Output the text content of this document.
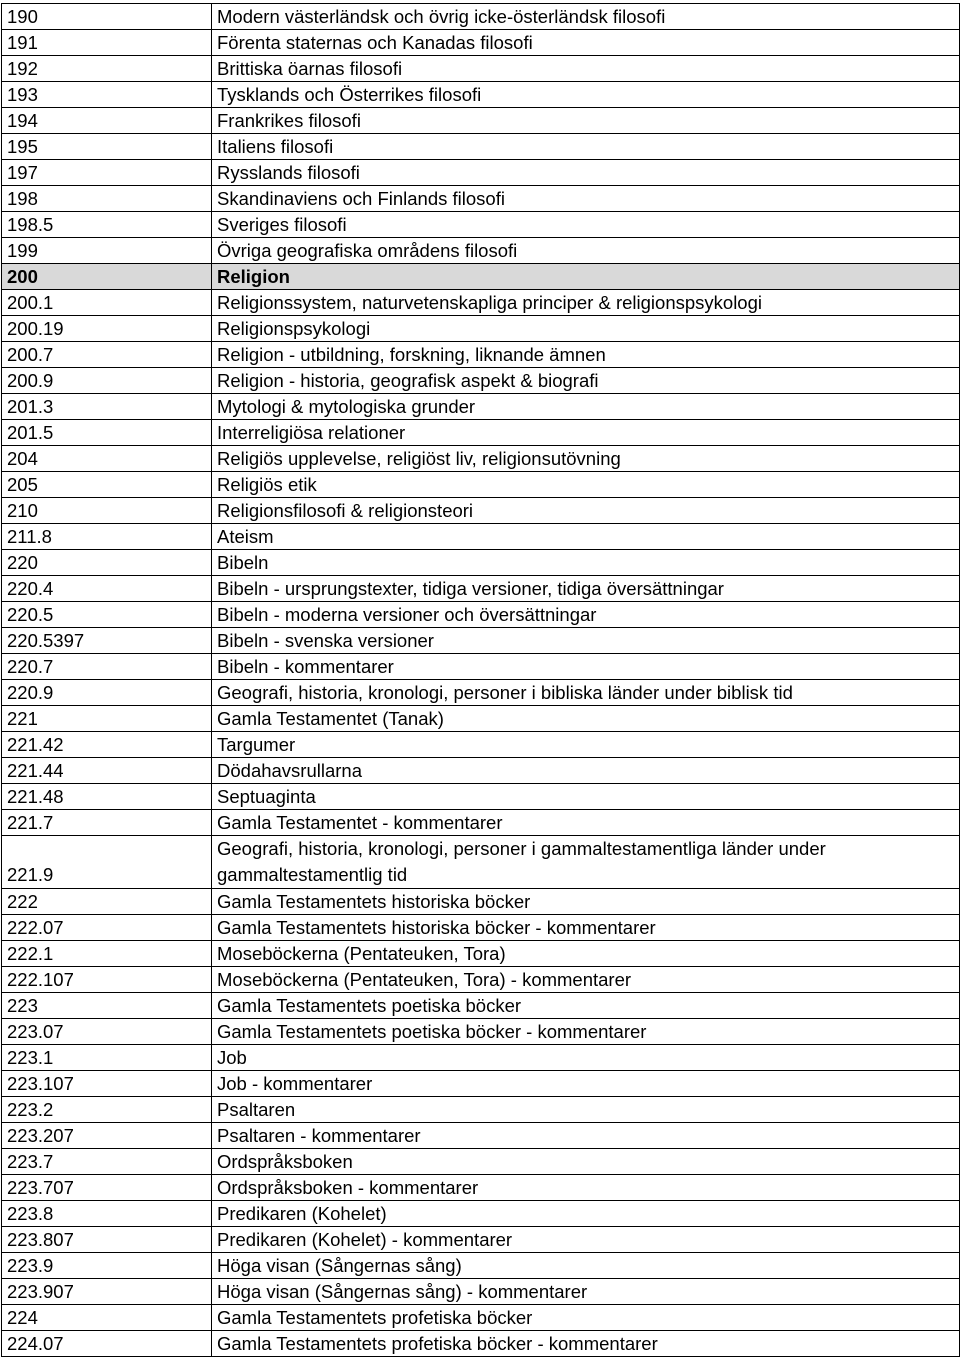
190	Modern västerländsk och övrig icke-österländsk filosofi
191	Förenta staternas och Kanadas filosofi
192	Brittiska öarnas filosofi
193	Tysklands och Österrikes filosofi
194	Frankrikes filosofi
195	Italiens filosofi
197	Rysslands filosofi
198	Skandinaviens och Finlands filosofi
198.5	Sveriges filosofi
199	Övriga geografiska områdens filosofi
200	Religion
200.1	Religionssystem, naturvetenskapliga principer & religionspsykologi
200.19	Religionspsykologi
200.7	Religion - utbildning, forskning, liknande ämnen
200.9	Religion - historia, geografisk aspekt & biografi
201.3	Mytologi & mytologiska grunder
201.5	Interreligiösa relationer
204	Religiös upplevelse, religiöst liv, religionsutövning
205	Religiös etik
210	Religionsfilosofi & religionsteori
211.8	Ateism
220	Bibeln
220.4	Bibeln - ursprungstexter, tidiga versioner, tidiga översättningar
220.5	Bibeln - moderna versioner och översättningar
220.5397	Bibeln - svenska versioner
220.7	Bibeln - kommentarer
220.9	Geografi, historia, kronologi, personer i bibliska länder under biblisk tid
221	Gamla Testamentet (Tanak)
221.42	Targumer
221.44	Dödahavsrullarna
221.48	Septuaginta
221.7	Gamla Testamentet - kommentarer
221.9	Geografi, historia, kronologi, personer i gammaltestamentliga länder under gammaltestamentlig tid
222	Gamla Testamentets historiska böcker
222.07	Gamla Testamentets historiska böcker - kommentarer
222.1	Moseböckerna (Pentateuken, Tora)
222.107	Moseböckerna (Pentateuken, Tora) - kommentarer
223	Gamla Testamentets poetiska böcker
223.07	Gamla Testamentets poetiska böcker - kommentarer
223.1	Job
223.107	Job - kommentarer
223.2	Psaltaren
223.207	Psaltaren - kommentarer
223.7	Ordspråksboken
223.707	Ordspråksboken - kommentarer
223.8	Predikaren (Kohelet)
223.807	Predikaren (Kohelet) - kommentarer
223.9	Höga visan (Sångernas sång)
223.907	Höga visan (Sångernas sång) - kommentarer
224	Gamla Testamentets profetiska böcker
224.07	Gamla Testamentets profetiska böcker - kommentarer
